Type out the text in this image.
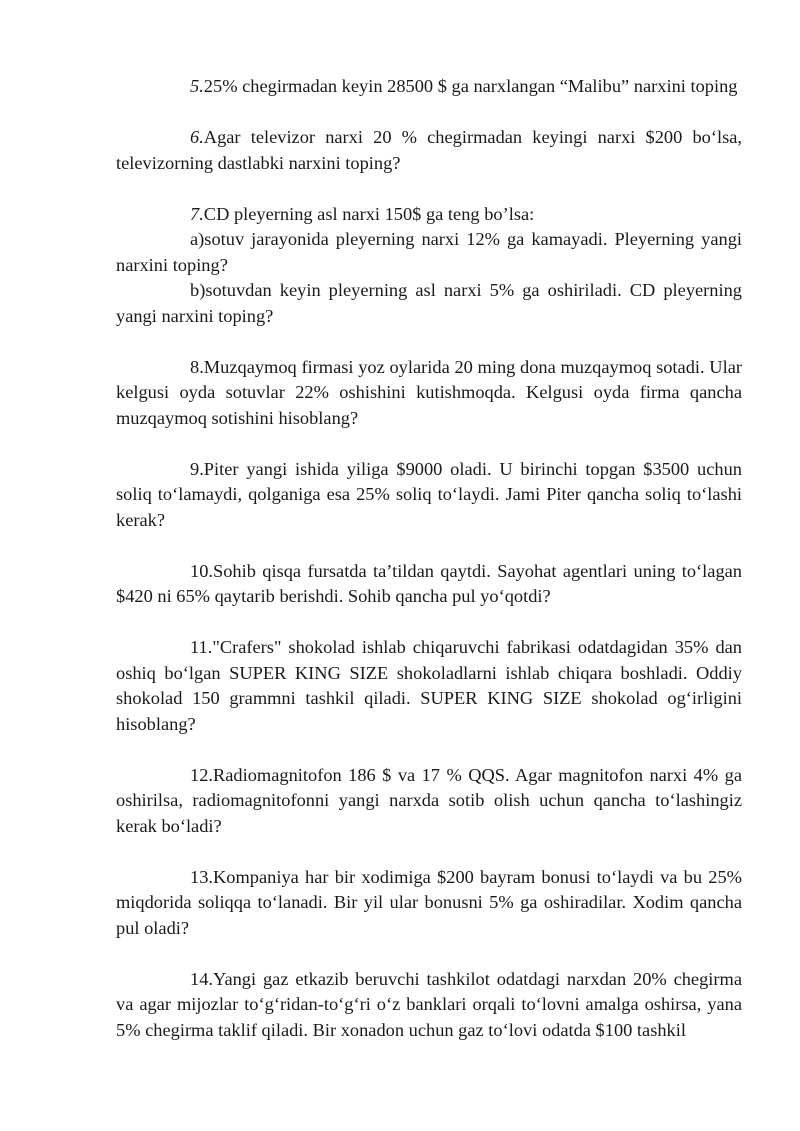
5.25% chegirmadan keyin 28500 $ ga narxlangan “Malibu” narxini toping

6.Agar televizor narxi 20 % chegirmadan keyingi narxi $200 bo‘lsa, televizorning dastlabki narxini toping?

7.CD pleyerning asl narxi 150$ ga teng bo’lsa:

a)sotuv jarayonida pleyerning narxi 12% ga kamayadi. Pleyerning yangi narxini toping?

b)sotuvdan keyin pleyerning asl narxi 5% ga oshiriladi. CD pleyerning yangi narxini toping?

8.Muzqaymoq firmasi yoz oylarida 20 ming dona muzqaymoq sotadi. Ular kelgusi oyda sotuvlar 22% oshishini kutishmoqda. Kelgusi oyda firma qancha muzqaymoq sotishini hisoblang?

9.Piter yangi ishida yiliga $9000 oladi. U birinchi topgan $3500 uchun soliq to‘lamaydi, qolganiga esa 25% soliq to‘laydi. Jami Piter qancha soliq to‘lashi kerak?

10.Sohib qisqa fursatda ta’tildan qaytdi. Sayohat agentlari uning to‘lagan $420 ni 65% qaytarib berishdi. Sohib qancha pul yo‘qotdi?

11."Crafers" shokolad ishlab chiqaruvchi fabrikasi odatdagidan 35% dan oshiq bo‘lgan SUPER KING SIZE shokoladlarni ishlab chiqara boshladi. Oddiy shokolad 150 grammni tashkil qiladi. SUPER KING SIZE shokolad og‘irligini hisoblang?

12.Radiomagnitofon 186 $ va 17 % QQS. Agar magnitofon narxi 4% ga oshirilsa, radiomagnitofonni yangi narxda sotib olish uchun qancha to‘lashingiz kerak bo‘ladi?

13.Kompaniya har bir xodimiga $200 bayram bonusi to‘laydi va bu 25% miqdorida soliqqa to‘lanadi. Bir yil ular bonusni 5% ga oshiradilar. Xodim qancha pul oladi?

14.Yangi gaz etkazib beruvchi tashkilot odatdagi narxdan 20% chegirma va agar mijozlar to‘g‘ridan-to‘g‘ri o‘z banklari orqali to‘lovni amalga oshirsa, yana 5% chegirma taklif qiladi. Bir xonadon uchun gaz to‘lovi odatda $100 tashkil
